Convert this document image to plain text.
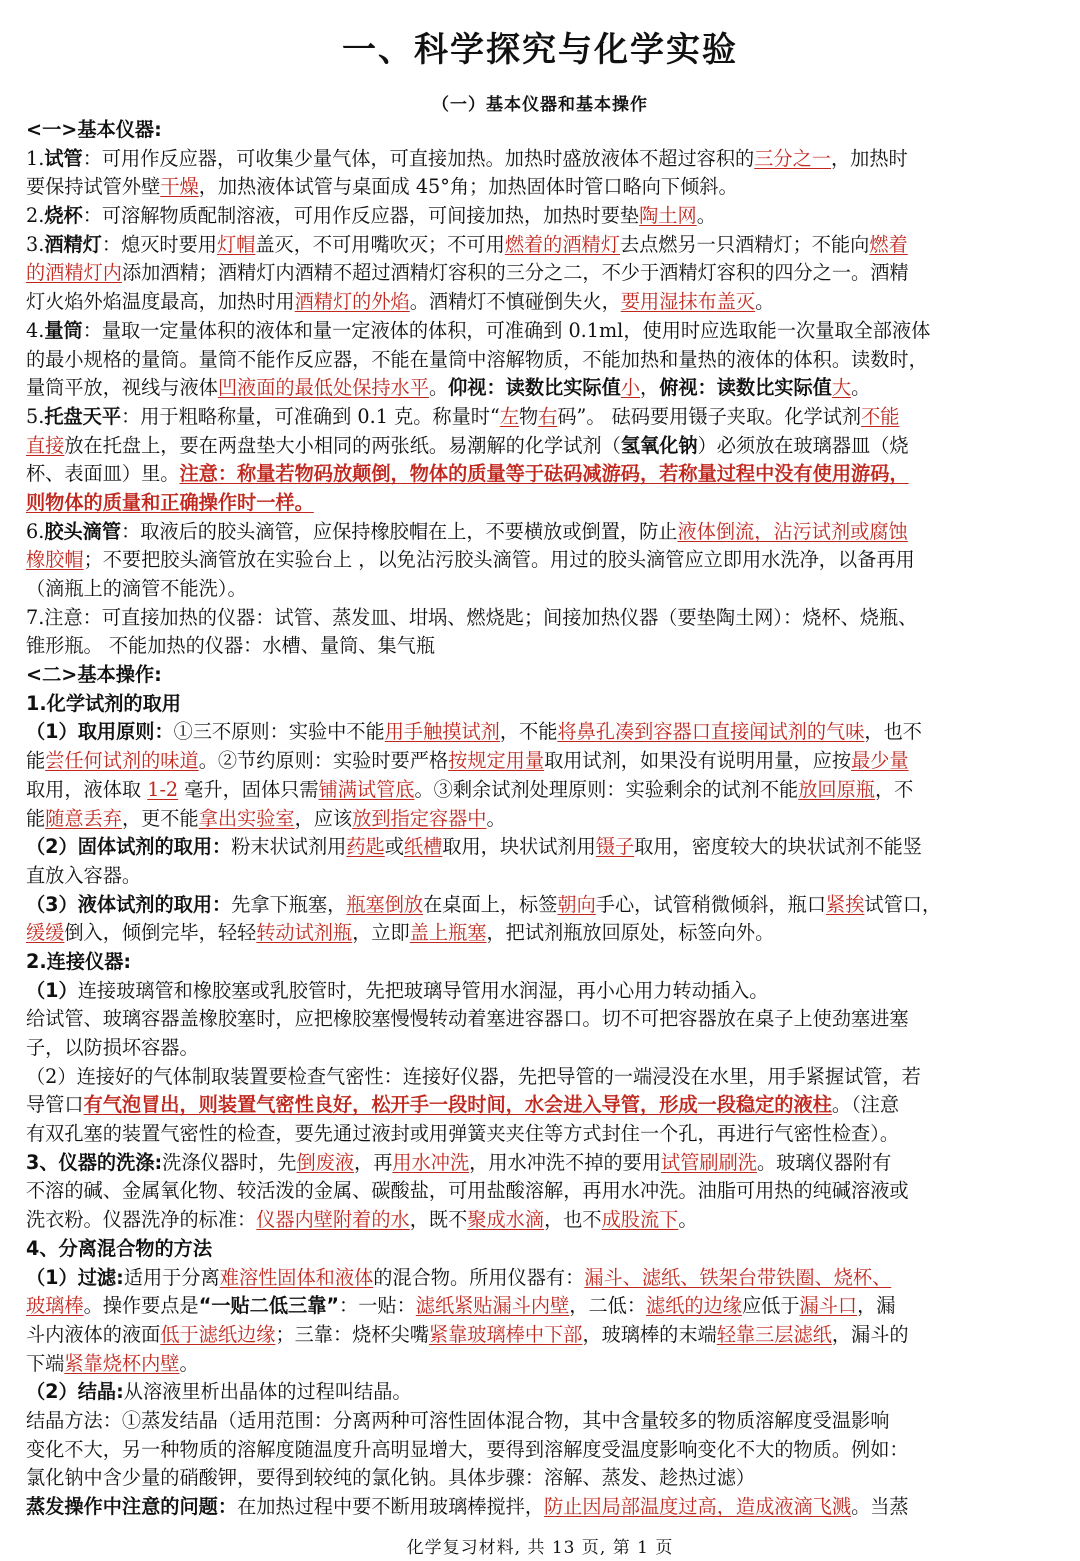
一、科学探究与化学实验
（一）基本仪器和基本操作
<一>基本仪器:
1.试管：可用作反应器，可收集少量气体，可直接加热。加热时盛放液体不超过容积的三分之一，加热时
要保持试管外壁干燥，加热液体试管与桌面成 45°角；加热固体时管口略向下倾斜。
2.烧杯：可溶解物质配制溶液，可用作反应器，可间接加热，加热时要垫陶土网。
3.酒精灯：熄灭时要用灯帽盖灭，不可用嘴吹灭；不可用燃着的酒精灯去点燃另一只酒精灯；不能向燃着
的酒精灯内添加酒精；酒精灯内酒精不超过酒精灯容积的三分之二，不少于酒精灯容积的四分之一。酒精
灯火焰外焰温度最高，加热时用酒精灯的外焰。酒精灯不慎碰倒失火，要用湿抹布盖灭。
4.量筒：量取一定量体积的液体和量一定液体的体积，可准确到 0.1ml，使用时应选取能一次量取全部液体
的最小规格的量筒。量筒不能作反应器，不能在量筒中溶解物质，不能加热和量热的液体的体积。读数时，
量筒平放，视线与液体凹液面的最低处保持水平。仰视：读数比实际值小，俯视：读数比实际值大。
5.托盘天平：用于粗略称量，可准确到 0.1 克。称量时“左物右码”。 砝码要用镊子夹取。化学试剂不能
直接放在托盘上，要在两盘垫大小相同的两张纸。易潮解的化学试剂（氢氧化钠）必须放在玻璃器皿（烧
杯、表面皿）里。注意：称量若物码放颠倒，物体的质量等于砝码减游码，若称量过程中没有使用游码，
则物体的质量和正确操作时一样。
6.胶头滴管：取液后的胶头滴管，应保持橡胶帽在上，不要横放或倒置，防止液体倒流，沾污试剂或腐蚀
橡胶帽；不要把胶头滴管放在实验台上 ，以免沾污胶头滴管。用过的胶头滴管应立即用水洗净，以备再用
（滴瓶上的滴管不能洗）。
7.注意：可直接加热的仪器：试管、蒸发皿、坩埚、燃烧匙；间接加热仪器（要垫陶土网）：烧杯、烧瓶、
锥形瓶。 不能加热的仪器：水槽、量筒、集气瓶
<二>基本操作:
1.化学试剂的取用
（1）取用原则：①三不原则：实验中不能用手触摸试剂，不能将鼻孔凑到容器口直接闻试剂的气味，也不
能尝任何试剂的味道。②节约原则：实验时要严格按规定用量取用试剂，如果没有说明用量，应按最少量
取用，液体取 1-2 毫升，固体只需铺满试管底。③剩余试剂处理原则：实验剩余的试剂不能放回原瓶，不
能随意丢弃，更不能拿出实验室，应该放到指定容器中。
（2）固体试剂的取用：粉末状试剂用药匙或纸槽取用，块状试剂用镊子取用，密度较大的块状试剂不能竖
直放入容器。
（3）液体试剂的取用：先拿下瓶塞，瓶塞倒放在桌面上，标签朝向手心，试管稍微倾斜，瓶口紧挨试管口，
缓缓倒入，倾倒完毕，轻轻转动试剂瓶，立即盖上瓶塞，把试剂瓶放回原处，标签向外。
2.连接仪器:
（1）连接玻璃管和橡胶塞或乳胶管时，先把玻璃导管用水润湿，再小心用力转动插入。
给试管、玻璃容器盖橡胶塞时，应把橡胶塞慢慢转动着塞进容器口。切不可把容器放在桌子上使劲塞进塞
子，以防损坏容器。
（2）连接好的气体制取装置要检查气密性：连接好仪器，先把导管的一端浸没在水里，用手紧握试管，若
导管口有气泡冒出，则装置气密性良好，松开手一段时间，水会进入导管，形成一段稳定的液柱。（注意
有双孔塞的装置气密性的检查，要先通过液封或用弹簧夹夹住等方式封住一个孔，再进行气密性检查）。
3、仪器的洗涤:洗涤仪器时，先倒废液，再用水冲洗，用水冲洗不掉的要用试管刷刷洗。玻璃仪器附有
不溶的碱、金属氧化物、较活泼的金属、碳酸盐，可用盐酸溶解，再用水冲洗。油脂可用热的纯碱溶液或
洗衣粉。仪器洗净的标准：仪器内壁附着的水，既不聚成水滴，也不成股流下。
4、分离混合物的方法
（1）过滤:适用于分离难溶性固体和液体的混合物。所用仪器有：漏斗、滤纸、铁架台带铁圈、烧杯、
玻璃棒。操作要点是“一贴二低三靠”：一贴：滤纸紧贴漏斗内壁，二低：滤纸的边缘应低于漏斗口，漏
斗内液体的液面低于滤纸边缘；三靠：烧杯尖嘴紧靠玻璃棒中下部，玻璃棒的末端轻靠三层滤纸，漏斗的
下端紧靠烧杯内壁。
（2）结晶:从溶液里析出晶体的过程叫结晶。
结晶方法：①蒸发结晶（适用范围：分离两种可溶性固体混合物，其中含量较多的物质溶解度受温影响
变化不大，另一种物质的溶解度随温度升高明显增大，要得到溶解度受温度影响变化不大的物质。例如：
氯化钠中含少量的硝酸钾，要得到较纯的氯化钠。具体步骤：溶解、蒸发、趁热过滤）
蒸发操作中注意的问题：在加热过程中要不断用玻璃棒搅拌，防止因局部温度过高，造成液滴飞溅。当蒸
化学复习材料, 共 13 页, 第 1 页
